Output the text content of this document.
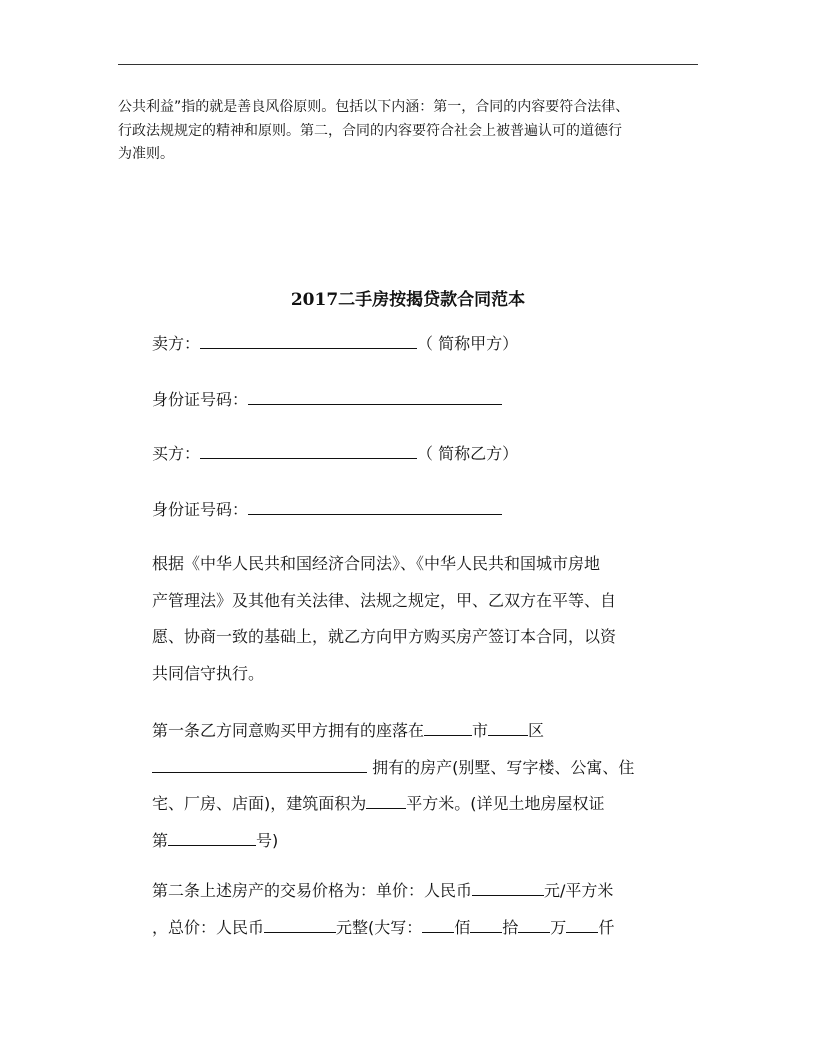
公共利益”指的就是善良风俗原则。包括以下内涵：第一，合同的内容要符合法律、
行政法规规定的精神和原则。第二，合同的内容要符合社会上被普遍认可的道德行
为准则。
2017二手房按揭贷款合同范本
卖方：	（ 简称甲方）
身份证号码：
买方：	（ 简称乙方）
身份证号码：
根据《中华人民共和国经济合同法》、《中华人民共和国城市房地
产管理法》及其他有关法律、法规之规定，甲、乙双方在平等、自
愿、协商一致的基础上，就乙方向甲方购买房产签订本合同，以资
共同信守执行。
第一条乙方同意购买甲方拥有的座落在	市	区
拥有的房产(别墅、写字楼、公寓、住
宅、厂房、店面)，建筑面积为	平方米。(详见土地房屋权证
第	号)
第二条上述房产的交易价格为：单价：人民币	元/平方米
，总价：人民币	元整(大写： 佰 拾 万 仟
